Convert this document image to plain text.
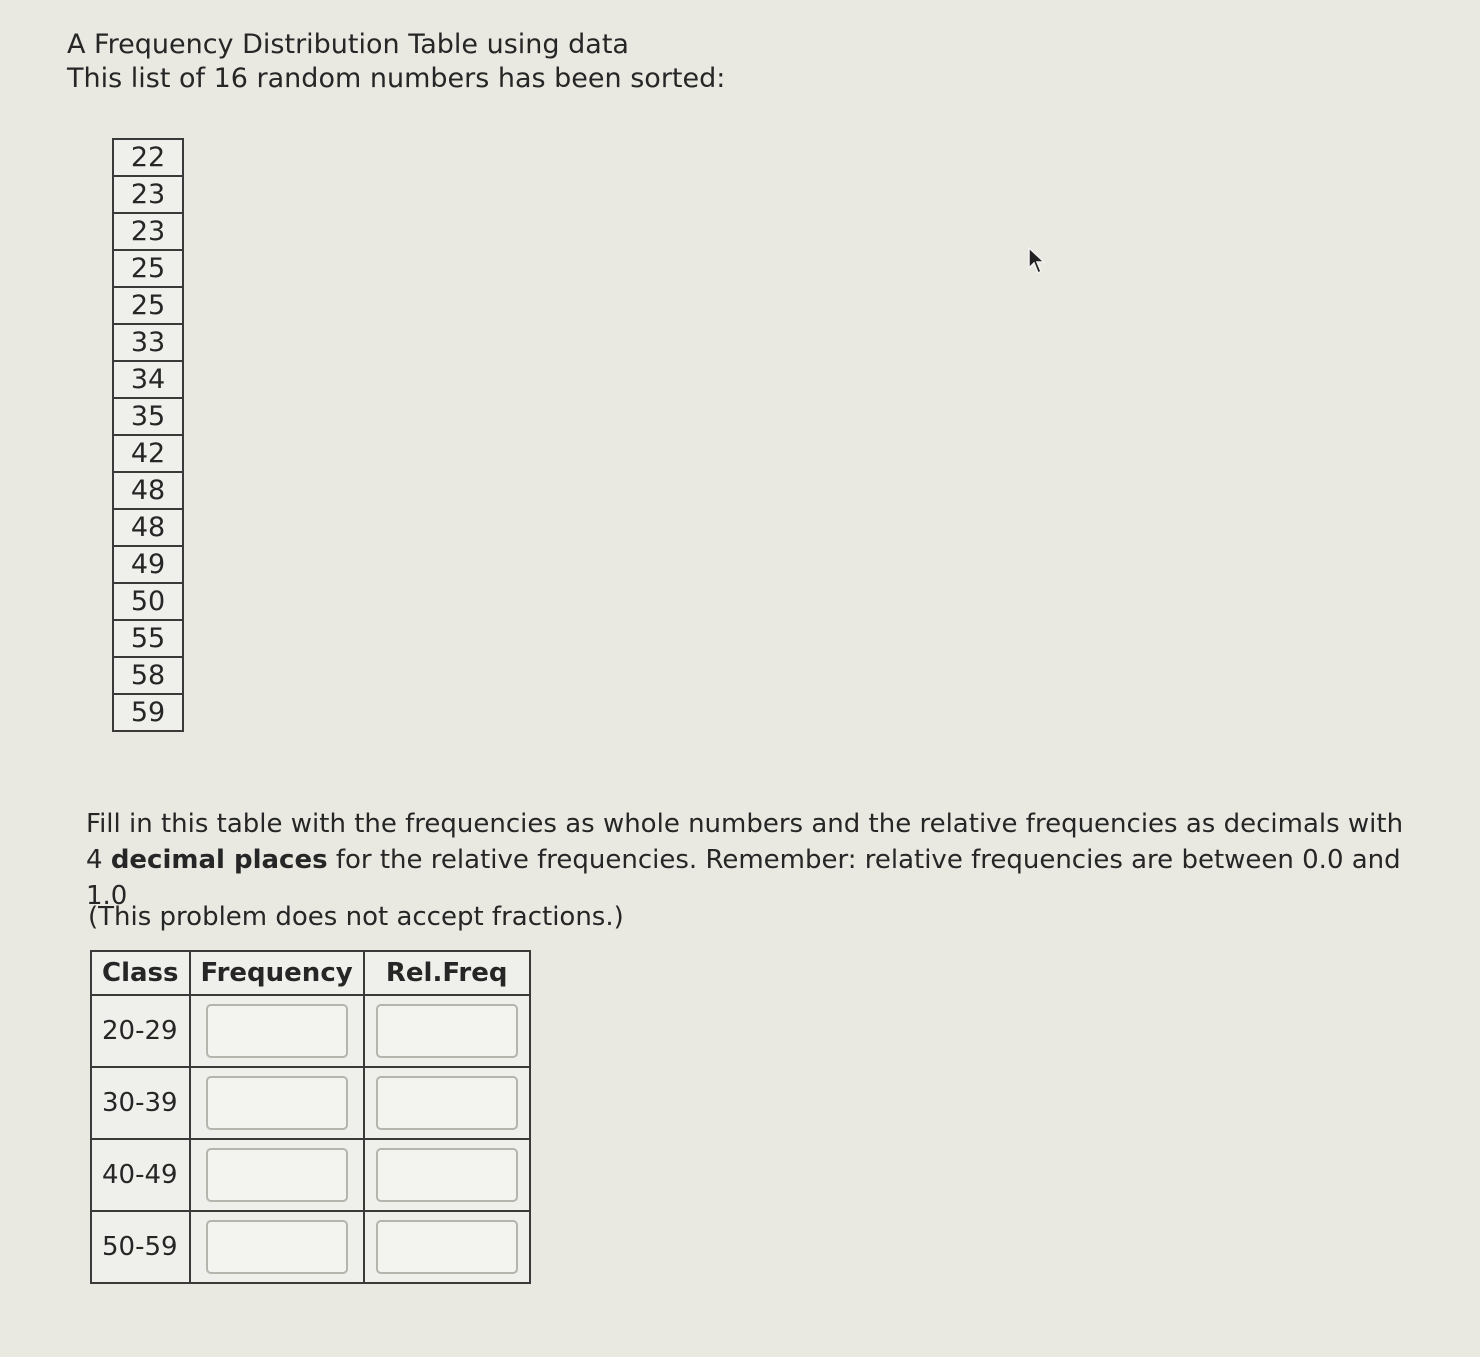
A Frequency Distribution Table using data
This list of 16 random numbers has been sorted:
22
23
23
25
25
33
34
35
42
48
48
49
50
55
58
59
Fill in this table with the frequencies as whole numbers and the relative frequencies as decimals with 4 decimal places for the relative frequencies. Remember: relative frequencies are between 0.0 and 1.0
(This problem does not accept fractions.)
Class	Frequency	Rel.Freq
20-29		
30-39		
40-49		
50-59		
